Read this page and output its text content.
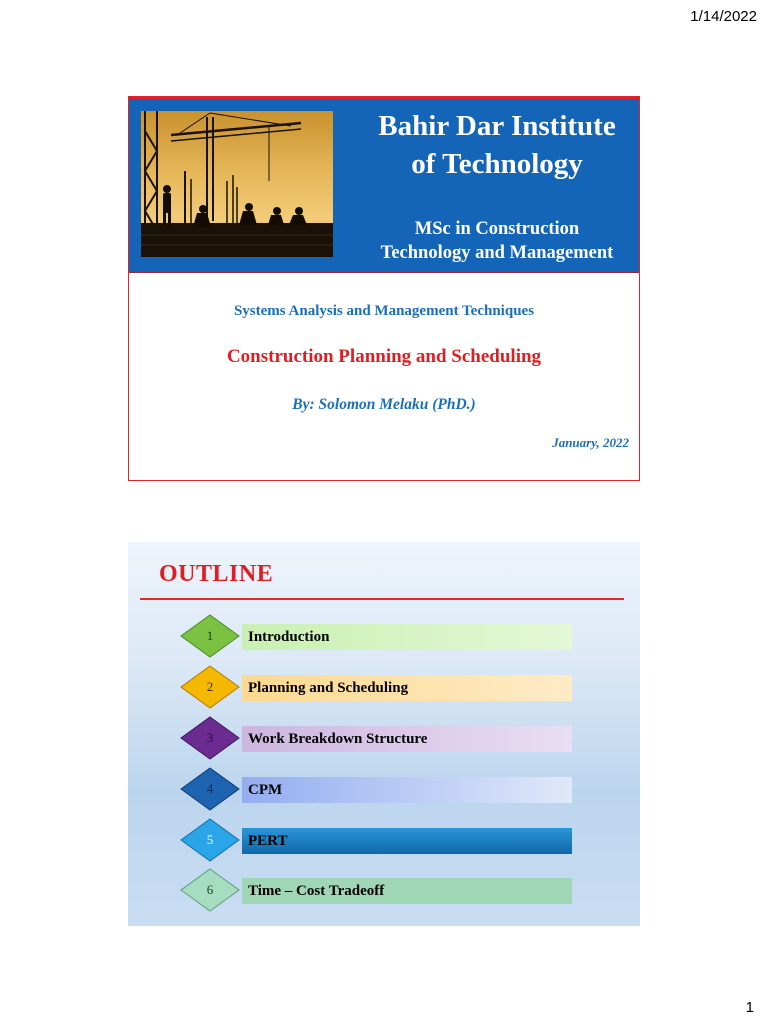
1/14/2022
Bahir Dar Institute
of Technology
MSc in Construction
Technology and Management
Systems Analysis and Management Techniques
Construction Planning and Scheduling
By: Solomon Melaku (PhD.)
January, 2022
OUTLINE
1	Introduction
2	Planning and Scheduling
3	Work Breakdown Structure
4	CPM
5	PERT
6	Time – Cost Tradeoff
1
